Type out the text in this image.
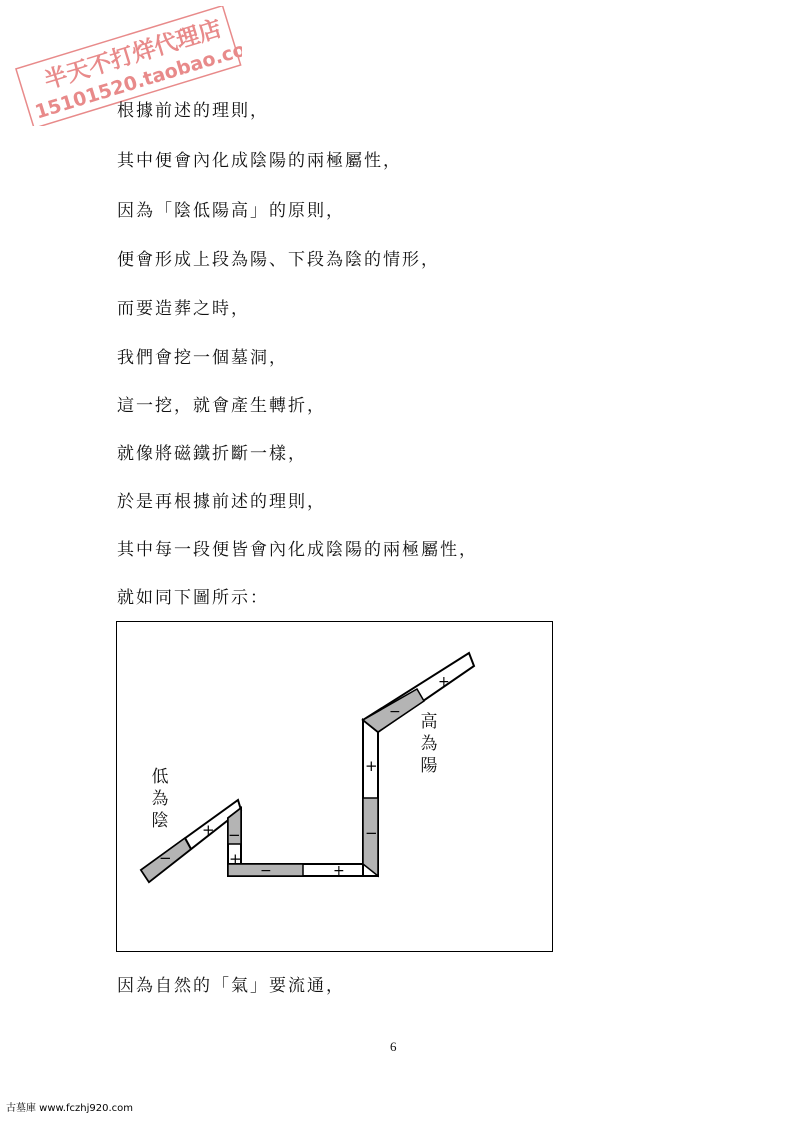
半天不打烊代理店
15101520.taobao.com
根據前述的理則，
其中便會內化成陰陽的兩極屬性，
因為「陰低陽高」的原則，
便會形成上段為陽、下段為陰的情形，
而要造葬之時，
我們會挖一個墓洞，
這一挖，就會產生轉折，
就像將磁鐵折斷一樣，
於是再根據前述的理則，
其中每一段便皆會內化成陰陽的兩極屬性，
就如同下圖所示：
−
+ −
+
−	+
+
−
−
+
低
為
陰
高
為
陽
因為自然的「氣」要流通，
6
古墓庫 www.fczhj920.com
